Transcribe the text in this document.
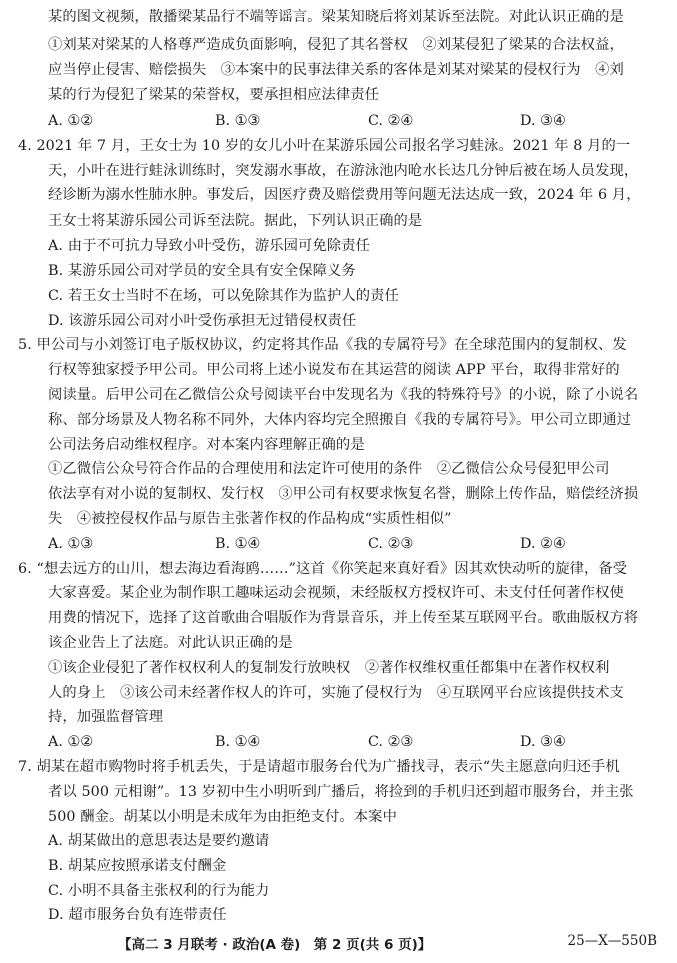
某的图文视频，散播梁某品行不端等谣言。梁某知晓后将刘某诉至法院。对此认识正确的是
①刘某对梁某的人格尊严造成负面影响，侵犯了其名誉权　②刘某侵犯了梁某的合法权益，
应当停止侵害、赔偿损失　③本案中的民事法律关系的客体是刘某对梁某的侵权行为　④刘
某的行为侵犯了梁某的荣誉权，要承担相应法律责任
A. ①②	B. ①③	C. ②④	D. ③④
4. 2021 年 7 月，王女士为 10 岁的女儿小叶在某游乐园公司报名学习蛙泳。2021 年 8 月的一
天，小叶在进行蛙泳训练时，突发溺水事故，在游泳池内呛水长达几分钟后被在场人员发现，
经诊断为溺水性肺水肿。事发后，因医疗费及赔偿费用等问题无法达成一致，2024 年 6 月，
王女士将某游乐园公司诉至法院。据此，下列认识正确的是
A. 由于不可抗力导致小叶受伤，游乐园可免除责任
B. 某游乐园公司对学员的安全具有安全保障义务
C. 若王女士当时不在场，可以免除其作为监护人的责任
D. 该游乐园公司对小叶受伤承担无过错侵权责任
5. 甲公司与小刘签订电子版权协议，约定将其作品《我的专属符号》在全球范围内的复制权、发
行权等独家授予甲公司。甲公司将上述小说发布在其运营的阅读 APP 平台，取得非常好的
阅读量。后甲公司在乙微信公众号阅读平台中发现名为《我的特殊符号》的小说，除了小说名
称、部分场景及人物名称不同外，大体内容均完全照搬自《我的专属符号》。甲公司立即通过
公司法务启动维权程序。对本案内容理解正确的是
①乙微信公众号符合作品的合理使用和法定许可使用的条件　②乙微信公众号侵犯甲公司
依法享有对小说的复制权、发行权　③甲公司有权要求恢复名誉，删除上传作品，赔偿经济损
失　④被控侵权作品与原告主张著作权的作品构成“实质性相似”
A. ①③	B. ①④	C. ②③	D. ②④
6. “想去远方的山川，想去海边看海鸥……”这首《你笑起来真好看》因其欢快动听的旋律，备受
大家喜爱。某企业为制作职工趣味运动会视频，未经版权方授权许可、未支付任何著作权使
用费的情况下，选择了这首歌曲合唱版作为背景音乐，并上传至某互联网平台。歌曲版权方将
该企业告上了法庭。对此认识正确的是
①该企业侵犯了著作权权利人的复制发行放映权　②著作权维权重任都集中在著作权权利
人的身上　③该公司未经著作权人的许可，实施了侵权行为　④互联网平台应该提供技术支
持，加强监督管理
A. ①②	B. ①④	C. ②③	D. ③④
7. 胡某在超市购物时将手机丢失，于是请超市服务台代为广播找寻，表示“失主愿意向归还手机
者以 500 元相谢”。13 岁初中生小明听到广播后，将捡到的手机归还到超市服务台，并主张
500 酬金。胡某以小明是未成年为由拒绝支付。本案中
A. 胡某做出的意思表达是要约邀请
B. 胡某应按照承诺支付酬金
C. 小明不具备主张权利的行为能力
D. 超市服务台负有连带责任
【高二 3 月联考 · 政治(A 卷)　第 2 页(共 6 页)】	25—X—550B
